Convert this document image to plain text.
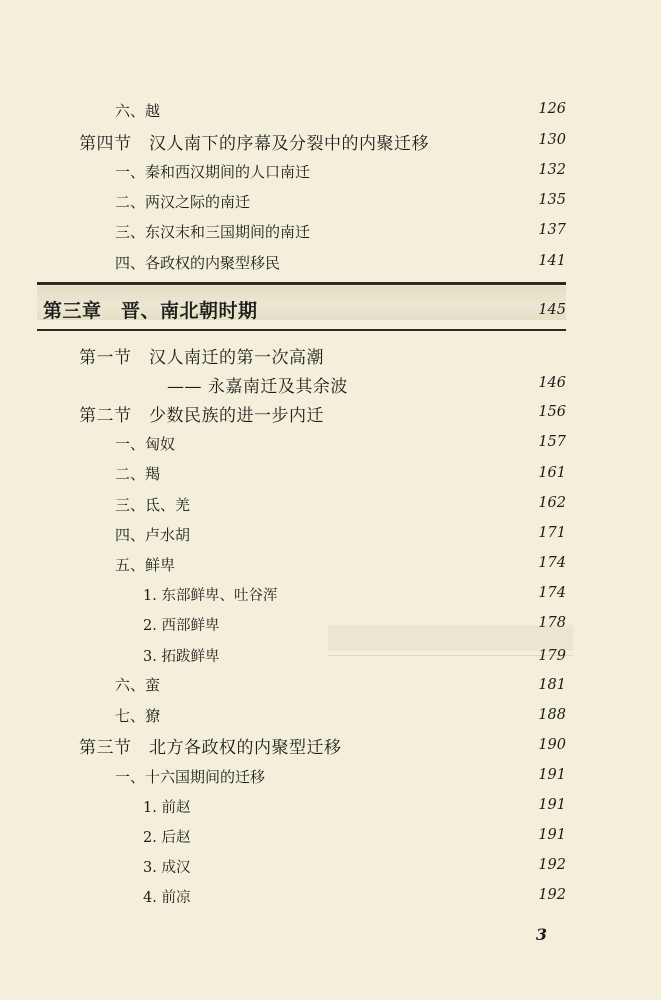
六、越	126
第四节　汉人南下的序幕及分裂中的内聚迁移	130
一、秦和西汉期间的人口南迁	132
二、两汉之际的南迁	135
三、东汉末和三国期间的南迁	137
四、各政权的内聚型移民	141
第三章　晋、南北朝时期	145
第一节　汉人南迁的第一次高潮
—— 永嘉南迁及其余波	146
第二节　少数民族的进一步内迁	156
一、匈奴	157
二、羯	161
三、氐、羌	162
四、卢水胡	171
五、鲜卑	174
1. 东部鲜卑、吐谷浑	174
2. 西部鲜卑	178
3. 拓跋鲜卑	179
六、蛮	181
七、獠	188
第三节　北方各政权的内聚型迁移	190
一、十六国期间的迁移	191
1. 前赵	191
2. 后赵	191
3. 成汉	192
4. 前凉	192
3
